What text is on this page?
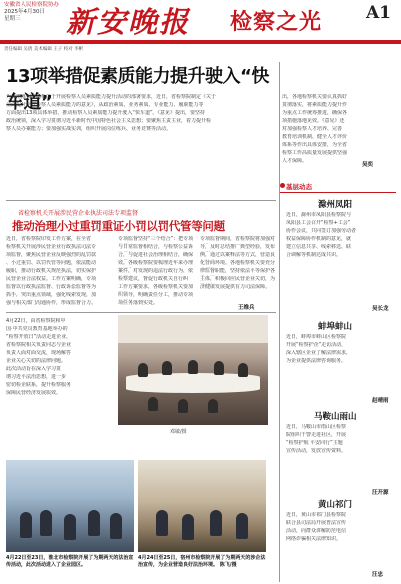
安徽省人民检察院协办
2025年4月30日
星期三	新安晚报 检察之光	A1
责任编辑 吴倩 美术编辑 王子 校对 李彬
13项举措促素质能力提升驶入“快车道”
为贯彻落实最高检关于开展检察人员素质能力提升活动的部署要求，近日，省检察院制定《关于
全面提升全省检察人员素质能力的意见》，从政治素质、业务素质、专业能力、履职能力等
方面提出13项具体举措，推动检察人员素质能力提升驶入“快车道”。《意见》提出，要坚持
政治统领，深入学习贯彻习近平新时代中国特色社会主义思想；要聚焦主责主业，着力提升检
察人员办案能力；要加强实战实训，组织开展岗位练兵、业务竞赛等活动。
出，各地检察机关要认真抓好
贯彻落实，将素质能力提升作
为重点工作统筹推进，确保各
项措施落地见效。《意见》还
对加强检察人才培养、完善
教育培训机制、健全人才评价
体系等作出具体安排，为全省
检察工作高质量发展提供坚强
人才保障。
吴奕
省检察机关开展涉民营企业执法司法专项监督
推动治理小过重罚重证小罚以罚代管等问题
近日，省检察院印发工作方案，在全省
检察机关开展涉民营企业行政执法司法专
项监督，聚焦民营企业反映强烈的乱罚款
、小过重罚、以罚代管等问题，依法能动
履职，推动行政机关规范执法，切实保护
民营企业合法权益。工作方案明确，专项
监督以行政执法监督、行政诉讼监督等为
抓手，突出重点领域，强化线索发现，加
强与相关部门沟通协作，形成监督合力。
专项监督坚持“三个结合”：把专项
与日常监督相结合，与检察公益诉
合，与促进社会治理相结合，确保
效。各级检察院要梳理近年来办理
案件，对发现的违法行政行为，依
检察建议，督促行政机关自行纠
工作方案要求，各级检察机关要加
织领导，明确责任分工，推动专项
项任务落到实处。
专项监督期间，省检察院将加强对
导，及时总结推广典型经验，发布
例，通过以案释法等方式，营造良
化营商环境。各地检察机关要充分
律监督职能，坚持依法平等保护各
主体，积极回应民营企业关切，为
济健康发展提供有力司法保障。
王维兵
4月22日，由省检察院和中
国·中共党员教育基地举办的
“检察开放日”活动走进企业，
省检察院相关负责同志与企业
负责人面对面交流，现场解答
企业关心关切的法律问题。
此次活动旨在深入学习贯
彻习近平法治思想，进一步
密切检企联系，提升检察服务
保障民营经济发展质效。
邓敏/摄
4月22日至23日，淮北市检察院开展了为期两天的法治宣传活动，此次活动进入了企业园区。
4月24日至25日，宿州市检察院开展了为期两天的涉企法治宣传，为企业营造良好法治环境。 陈飞/摄
基层动态
滁州凤阳
近日，滁州市凤阳县检察院与
凤阳县工会召开“检察+工会”
协作会议，共同签订加强劳动者
权益保障协作机制的意见，就
建立信息共享、线索移送、联
合调解等机制达成共识。
吴长龙
蚌埠蚌山
近日，蚌埠市蚌山区检察院
开展“检察护企”走访活动，
深入辖区企业了解法律需求，
为企业提供法律咨询服务。
赵晴雨
马鞍山雨山
近日，马鞍山市雨山区检察
院组织干警走进社区，开展
“检察护航 平安同行”主题
宣传活动，发放宣传资料。
汪开源
黄山祁门
近日，黄山市祁门县检察院
联合县司法局开展普法宣传
活动，向群众讲解防范电信
网络诈骗相关法律知识。
汪忠
